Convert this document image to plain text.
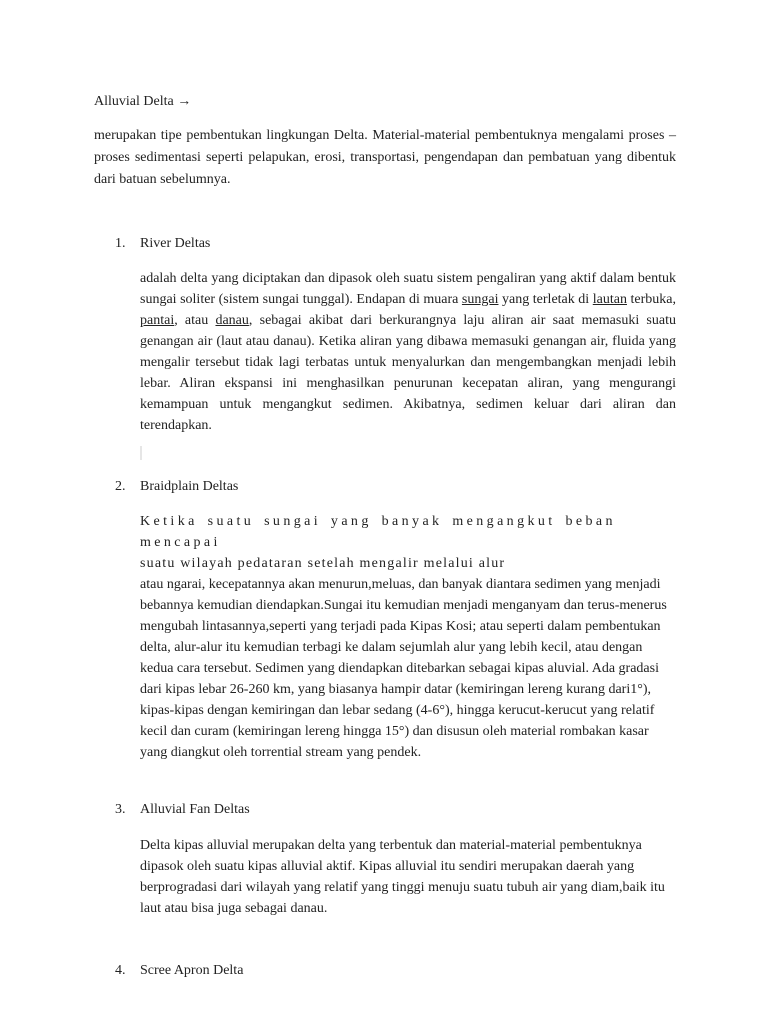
Alluvial Delta →
merupakan tipe pembentukan lingkungan Delta. Material-material pembentuknya mengalami proses – proses sedimentasi seperti pelapukan, erosi, transportasi, pengendapan dan pembatuan yang dibentuk dari batuan sebelumnya.
1. River Deltas
adalah delta yang diciptakan dan dipasok oleh suatu sistem pengaliran yang aktif dalam bentuk sungai soliter (sistem sungai tunggal). Endapan di muara sungai yang terletak di lautan terbuka, pantai, atau danau, sebagai akibat dari berkurangnya laju aliran air saat memasuki suatu genangan air (laut atau danau). Ketika aliran yang dibawa memasuki genangan air, fluida yang mengalir tersebut tidak lagi terbatas untuk menyalurkan dan mengembangkan menjadi lebih lebar. Aliran ekspansi ini menghasilkan penurunan kecepatan aliran, yang mengurangi kemampuan untuk mengangkut sedimen. Akibatnya, sedimen keluar dari aliran dan terendapkan.
2. Braidplain Deltas
Ketika suatu sungai yang banyak mengangkut beban mencapai
suatu wilayah pedataran setelah mengalir melalui alur
atau ngarai, kecepatannya akan menurun,meluas, dan banyak diantara sedimen yang menjadi bebannya kemudian diendapkan.Sungai itu kemudian menjadi menganyam dan terus-menerus mengubah lintasannya,seperti yang terjadi pada Kipas Kosi; atau seperti dalam pembentukan delta, alur-alur itu kemudian terbagi ke dalam sejumlah alur yang lebih kecil, atau dengan kedua cara tersebut. Sedimen yang diendapkan ditebarkan sebagai kipas aluvial. Ada gradasi dari kipas lebar 26-260 km, yang biasanya hampir datar (kemiringan lereng kurang dari1°), kipas-kipas dengan kemiringan dan lebar sedang (4-6°), hingga kerucut-kerucut yang relatif kecil dan curam (kemiringan lereng hingga 15°) dan disusun oleh material rombakan kasar yang diangkut oleh torrential stream yang pendek.
3. Alluvial Fan Deltas
Delta kipas alluvial merupakan delta yang terbentuk dan material-material pembentuknya dipasok oleh suatu kipas alluvial aktif. Kipas alluvial itu sendiri merupakan daerah yang berprogradasi dari wilayah yang relatif yang tinggi menuju suatu tubuh air yang diam,baik itu laut atau bisa juga sebagai danau.
4. Scree Apron Delta
